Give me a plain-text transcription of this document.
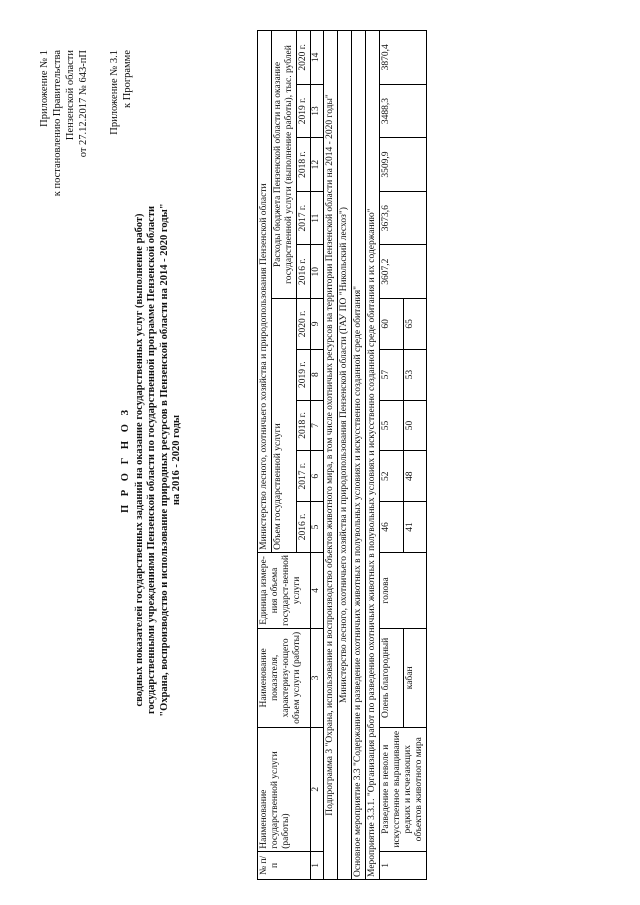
Приложение № 1 к постановлению Правительства Пензенской области от 27.12.2017 № 643-пП Приложение № 3.1 к Программе

П Р О Г Н О З сводных показателей государственных заданий на оказание государственных услуг (выполнение работ) государственными учреждениями Пензенской области по государственной программе Пензенской области "Охрана, воспроизводство и использование природных ресурсов в Пензенской области на 2014 - 2020 годы" на 2016 - 2020 годы

№ п/п	Наименование государственной услуги (работы)	Наименование показателя, характеризу-ющего объем услуги (работы)	Единица измере-ния объема государст-венной услуги	Министерство лесного, охотничьего хозяйства и природопользования Пензенской области									
				Объем государственной услуги					Расходы бюджета Пензенской области на оказание государственной услуги (выполнение работы), тыс. рублей				
				2016 г.	2017 г.	2018 г.	2019 г.	2020 г.	2016 г.	2017 г.	2018 г.	2019 г.	2020 г.
1	2	3	4	5	6	7	8	9	10	11	12	13	14
Подпрограмма 3 "Охрана, использование и воспроизводство объектов животного мира, в том числе охотничьих ресурсов на территории Пензенской области на 2014 - 2020 годы"													
Министерство лесного, охотничьего хозяйства и природопользования Пензенской области (ГАУ ПО "Никольский лесхоз")													
Основное мероприятие 3.3 "Содержание и разведение охотничьих животных в полувольных условиях и искусственно созданной среде обитания"													
Мероприятие 3.3.1. "Организация работ по разведению охотничьих животных в полувольных условиях и искусственно созданной среде обитания и их содержанию"													
1	Разведение в неволе и искусственное выращивание редких и исчезающих объектов животного мира	Олень благородный	голова	46	52	55	57	60	3607,2	3673,6	3509,9	3488,3	3870,4
		кабан		41	48	50	53	65					
